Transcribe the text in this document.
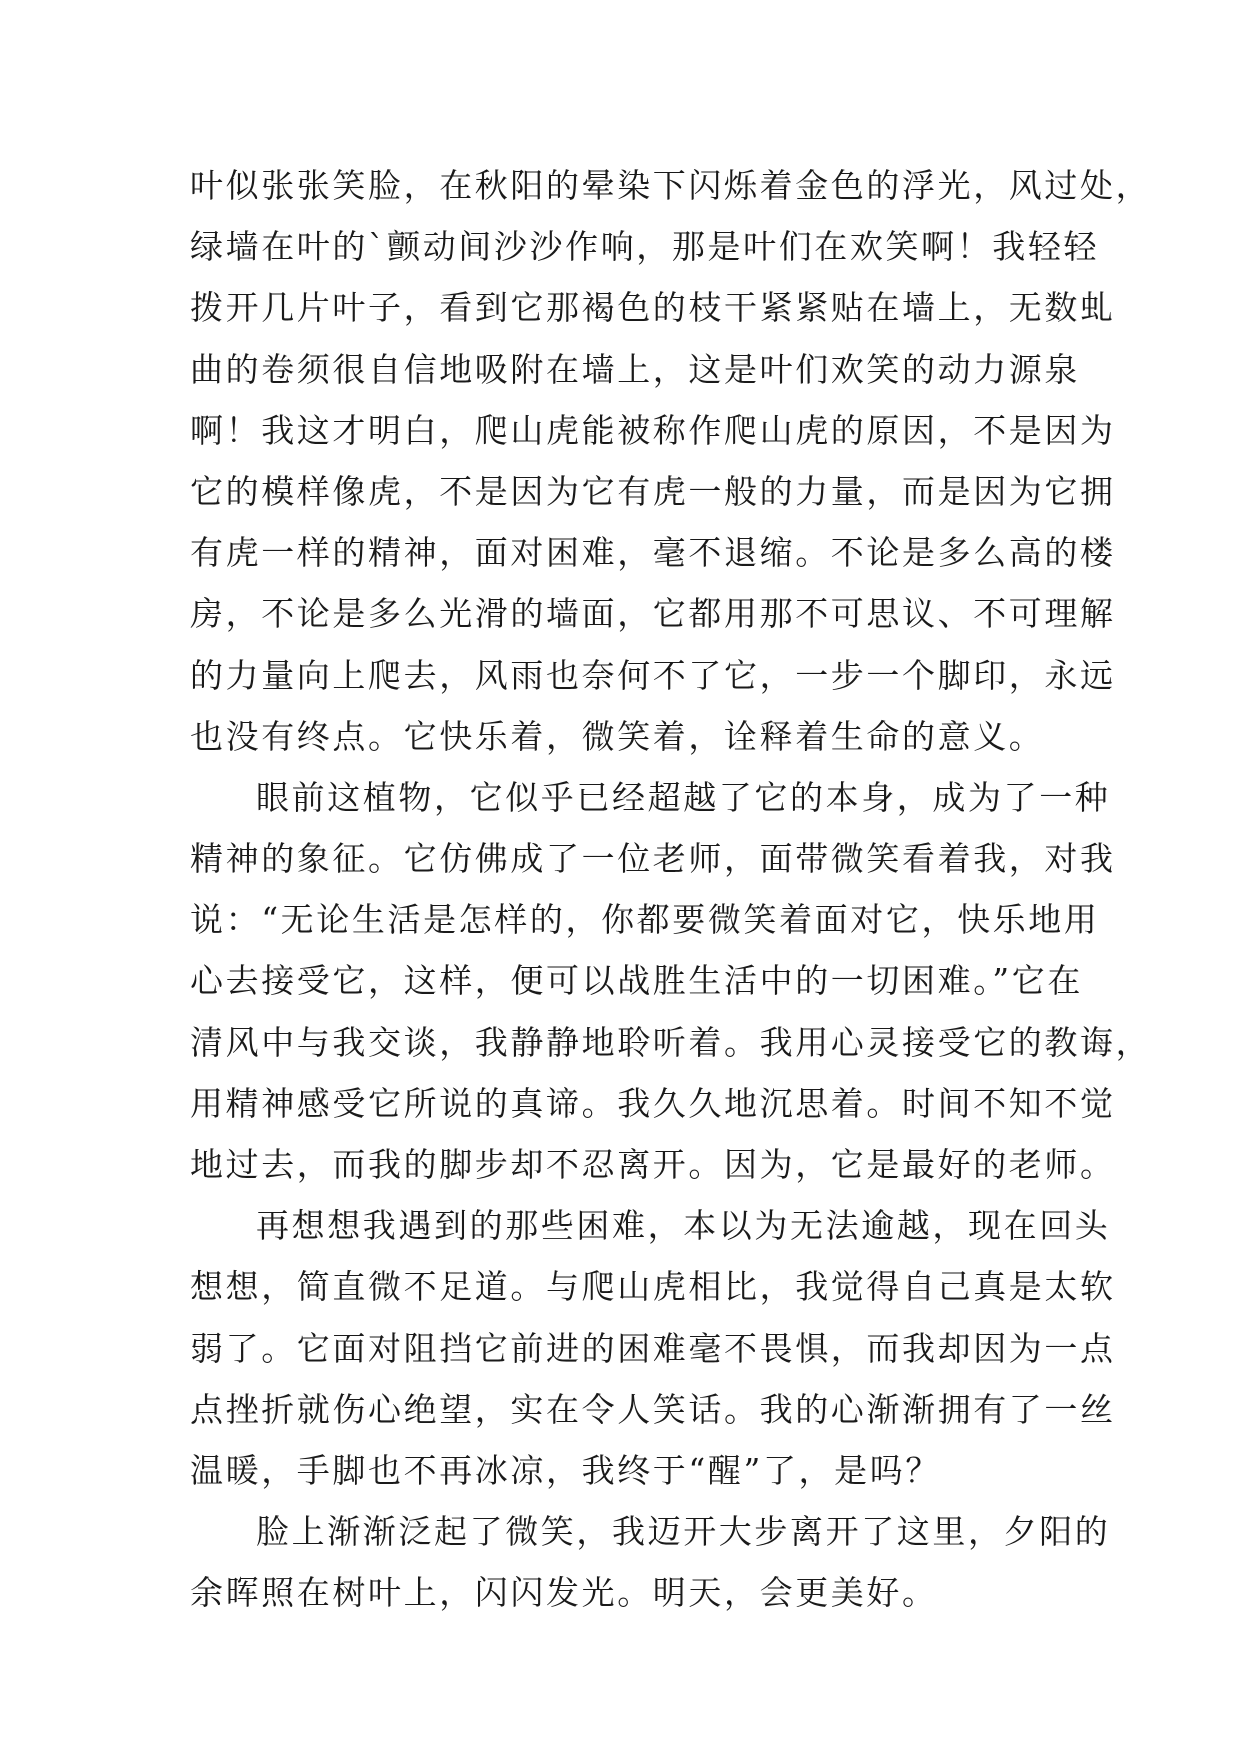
叶似张张笑脸，在秋阳的晕染下闪烁着金色的浮光，风过处，
绿墙在叶的`颤动间沙沙作响，那是叶们在欢笑啊！我轻轻
拨开几片叶子，看到它那褐色的枝干紧紧贴在墙上，无数虬
曲的卷须很自信地吸附在墙上，这是叶们欢笑的动力源泉
啊！我这才明白，爬山虎能被称作爬山虎的原因，不是因为
它的模样像虎，不是因为它有虎一般的力量，而是因为它拥
有虎一样的精神，面对困难，毫不退缩。不论是多么高的楼
房，不论是多么光滑的墙面，它都用那不可思议、不可理解
的力量向上爬去，风雨也奈何不了它，一步一个脚印，永远
也没有终点。它快乐着，微笑着，诠释着生命的意义。
眼前这植物，它似乎已经超越了它的本身，成为了一种
精神的象征。它仿佛成了一位老师，面带微笑看着我，对我
说：“无论生活是怎样的，你都要微笑着面对它，快乐地用
心去接受它，这样，便可以战胜生活中的一切困难。”它在
清风中与我交谈，我静静地聆听着。我用心灵接受它的教诲，
用精神感受它所说的真谛。我久久地沉思着。时间不知不觉
地过去，而我的脚步却不忍离开。因为，它是最好的老师。
再想想我遇到的那些困难，本以为无法逾越，现在回头
想想，简直微不足道。与爬山虎相比，我觉得自己真是太软
弱了。它面对阻挡它前进的困难毫不畏惧，而我却因为一点
点挫折就伤心绝望，实在令人笑话。我的心渐渐拥有了一丝
温暖，手脚也不再冰凉，我终于“醒”了，是吗？
脸上渐渐泛起了微笑，我迈开大步离开了这里，夕阳的
余晖照在树叶上，闪闪发光。明天，会更美好。
